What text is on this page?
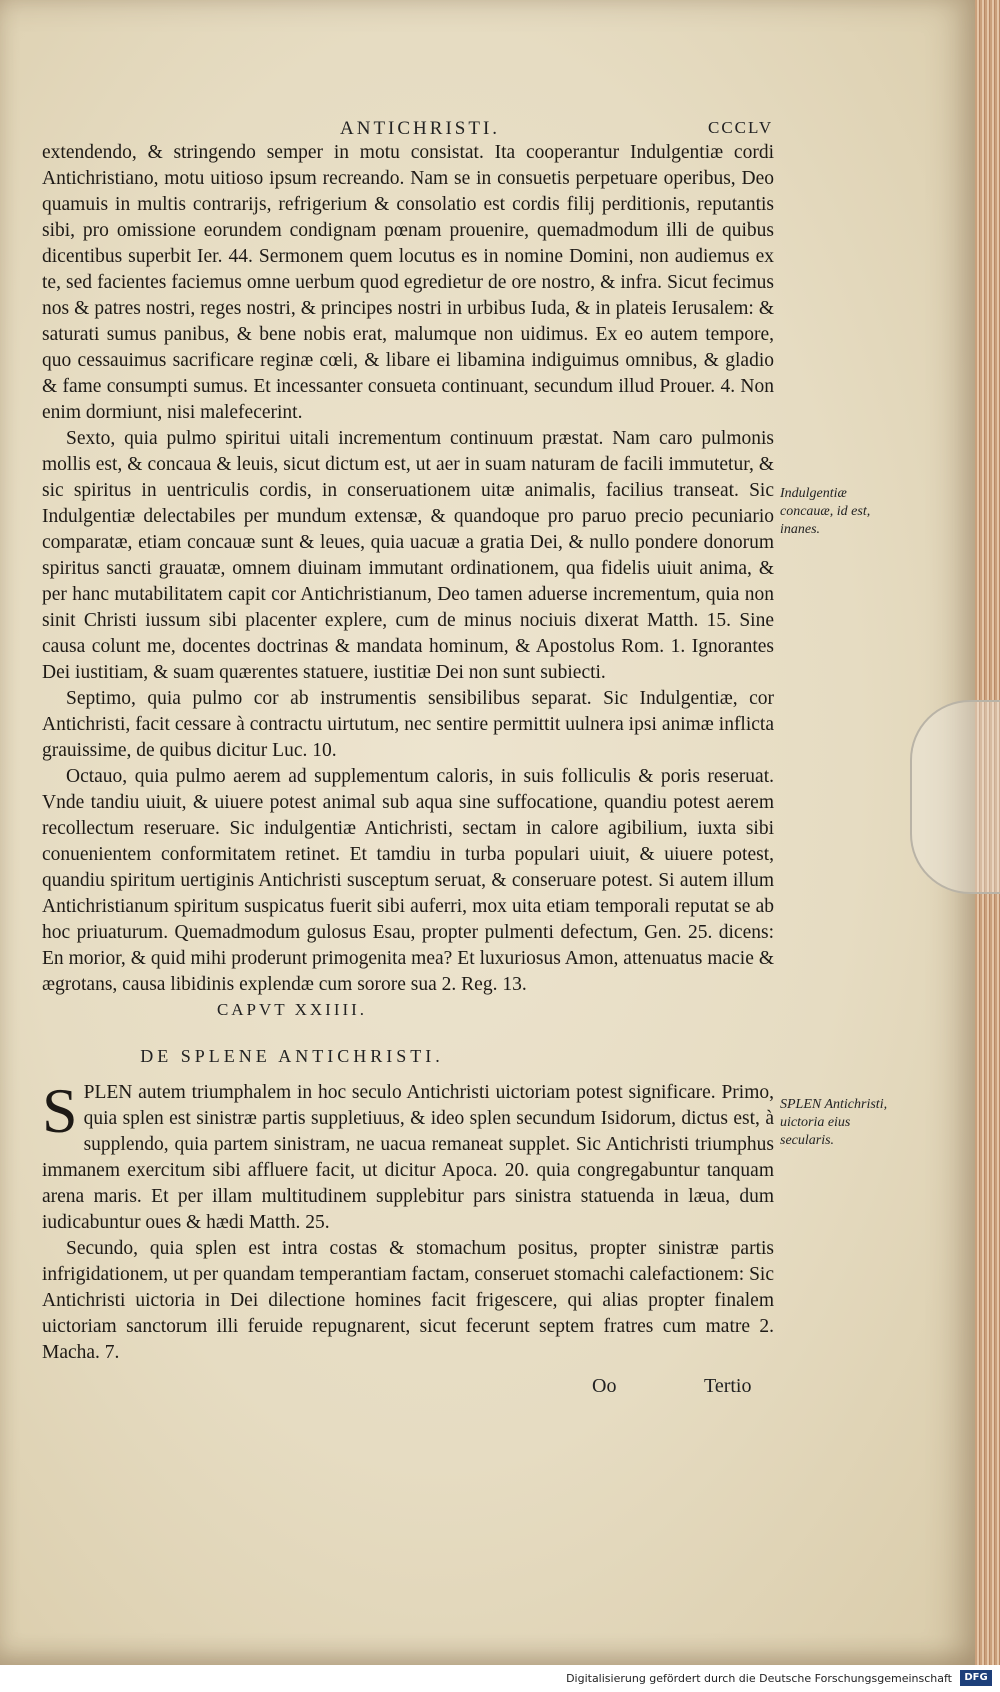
ANTICHRISTI.	CCCLV

extendendo, & stringendo semper in motu consistat. Ita cooperantur Indulgentiæ cordi Antichristiano, motu uitioso ipsum recreando. Nam se in consuetis perpetuare operibus, Deo quamuis in multis contrarijs, refrigerium & consolatio est cordis filij perditionis, reputantis sibi, pro omissione eorundem condignam pœnam prouenire, quemadmodum illi de quibus dicentibus superbit Ier. 44. Sermonem quem locutus es in nomine Domini, non audiemus ex te, sed facientes faciemus omne uerbum quod egredietur de ore nostro, & infra. Sicut fecimus nos & patres nostri, reges nostri, & principes nostri in urbibus Iuda, & in plateis Ierusalem: & saturati sumus panibus, & bene nobis erat, malumque non uidimus. Ex eo autem tempore, quo cessauimus sacrificare reginæ cœli, & libare ei libamina indiguimus omnibus, & gladio & fame consumpti sumus. Et incessanter consueta continuant, secundum illud Prouer. 4. Non enim dormiunt, nisi malefecerint.

Sexto, quia pulmo spiritui uitali incrementum continuum præstat. Nam caro pulmonis mollis est, & concaua & leuis, sicut dictum est, ut aer in suam naturam de facili immutetur, & sic spiritus in uentriculis cordis, in conseruationem uitæ animalis, facilius transeat. Sic Indulgentiæ delectabiles per mundum extensæ, & quandoque pro paruo precio pecuniario comparatæ, etiam concauæ sunt & leues, quia uacuæ a gratia Dei, & nullo pondere donorum spiritus sancti grauatæ, omnem diuinam immutant ordinationem, qua fidelis uiuit anima, & per hanc mutabilitatem capit cor Antichristianum, Deo tamen aduerse incrementum, quia non sinit Christi iussum sibi placenter explere, cum de minus nociuis dixerat Matth. 15. Sine causa colunt me, docentes doctrinas & mandata hominum, & Apostolus Rom. 1. Ignorantes Dei iustitiam, & suam quærentes statuere, iustitiæ Dei non sunt subiecti.

Septimo, quia pulmo cor ab instrumentis sensibilibus separat. Sic Indulgentiæ, cor Antichristi, facit cessare à contractu uirtutum, nec sentire permittit uulnera ipsi animæ inflicta grauissime, de quibus dicitur Luc. 10.

Octauo, quia pulmo aerem ad supplementum caloris, in suis folliculis & poris reseruat. Vnde tandiu uiuit, & uiuere potest animal sub aqua sine suffocatione, quandiu potest aerem recollectum reseruare. Sic indulgentiæ Antichristi, sectam in calore agibilium, iuxta sibi conuenientem conformitatem retinet. Et tamdiu in turba populari uiuit, & uiuere potest, quandiu spiritum uertiginis Antichristi susceptum seruat, & conseruare potest. Si autem illum Antichristianum spiritum suspicatus fuerit sibi auferri, mox uita etiam temporali reputat se ab hoc priuaturum. Quemadmodum gulosus Esau, propter pulmenti defectum, Gen. 25. dicens: En morior, & quid mihi proderunt primogenita mea? Et luxuriosus Amon, attenuatus macie & ægrotans, causa libidinis explendæ cum sorore sua 2. Reg. 13.

CAPVT XXIIII.
DE SPLENE ANTICHRISTI.

SPLEN autem triumphalem in hoc seculo Antichristi uictoriam potest significare. Primo, quia splen est sinistræ partis suppletiuus, & ideo splen secundum Isidorum, dictus est, à supplendo, quia partem sinistram, ne uacua remaneat supplet. Sic Antichristi triumphus immanem exercitum sibi affluere facit, ut dicitur Apoca. 20. quia congregabuntur tanquam arena maris. Et per illam multitudinem supplebitur pars sinistra statuenda in læua, dum iudicabuntur oues & hædi Matth. 25.

Secundo, quia splen est intra costas & stomachum positus, propter sinistræ partis infrigidationem, ut per quandam temperantiam factam, conseruet stomachi calefactionem: Sic Antichristi uictoria in Dei dilectione homines facit frigescere, qui alias propter finalem uictoriam sanctorum illi feruide repugnarent, sicut fecerunt septem fratres cum matre 2. Macha. 7.

Indulgentiæ concauæ, id est, inanes.
SPLEN Antichristi, uictoria eius secularis.
Oo	Tertio
Digitalisierung gefördert durch die Deutsche Forschungsgemeinschaft	DFG
